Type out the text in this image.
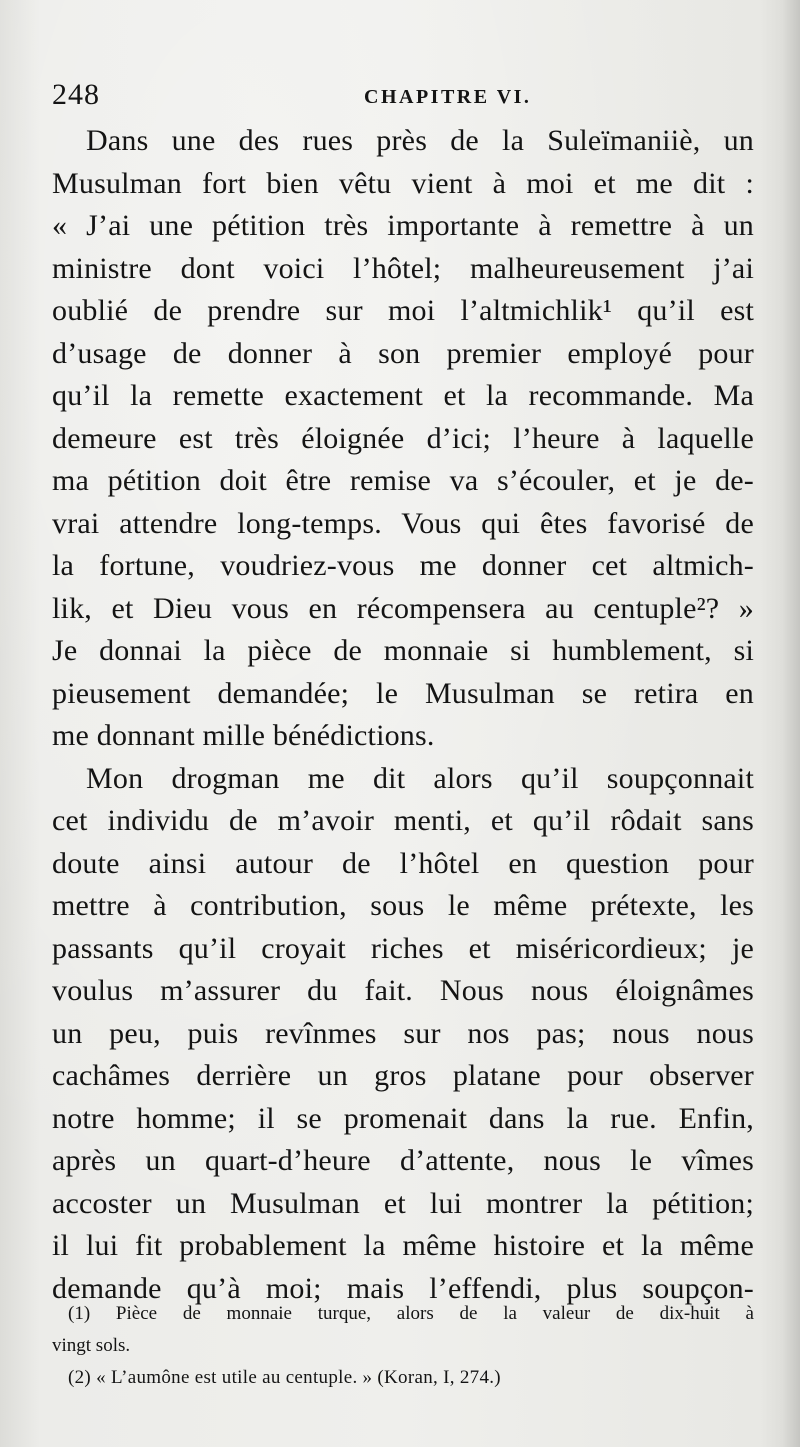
248	CHAPITRE VI.
Dans une des rues près de la Suleïmaniiè, un
Musulman fort bien vêtu vient à moi et me dit :
« J’ai une pétition très importante à remettre à un
ministre dont voici l’hôtel; malheureusement j’ai
oublié de prendre sur moi l’altmichlik¹ qu’il est
d’usage de donner à son premier employé pour
qu’il la remette exactement et la recommande. Ma
demeure est très éloignée d’ici; l’heure à laquelle
ma pétition doit être remise va s’écouler, et je de-
vrai attendre long-temps. Vous qui êtes favorisé de
la fortune, voudriez-vous me donner cet altmich-
lik, et Dieu vous en récompensera au centuple²? »
Je donnai la pièce de monnaie si humblement, si
pieusement demandée; le Musulman se retira en
me donnant mille bénédictions.
Mon drogman me dit alors qu’il soupçonnait
cet individu de m’avoir menti, et qu’il rôdait sans
doute ainsi autour de l’hôtel en question pour
mettre à contribution, sous le même prétexte, les
passants qu’il croyait riches et miséricordieux; je
voulus m’assurer du fait. Nous nous éloignâmes
un peu, puis revînmes sur nos pas; nous nous
cachâmes derrière un gros platane pour observer
notre homme; il se promenait dans la rue. Enfin,
après un quart-d’heure d’attente, nous le vîmes
accoster un Musulman et lui montrer la pétition;
il lui fit probablement la même histoire et la même
demande qu’à moi; mais l’effendi, plus soupçon-
(1) Pièce de monnaie turque, alors de la valeur de dix-huit à
vingt sols.
(2) « L’aumône est utile au centuple. » (Koran, I, 274.)
